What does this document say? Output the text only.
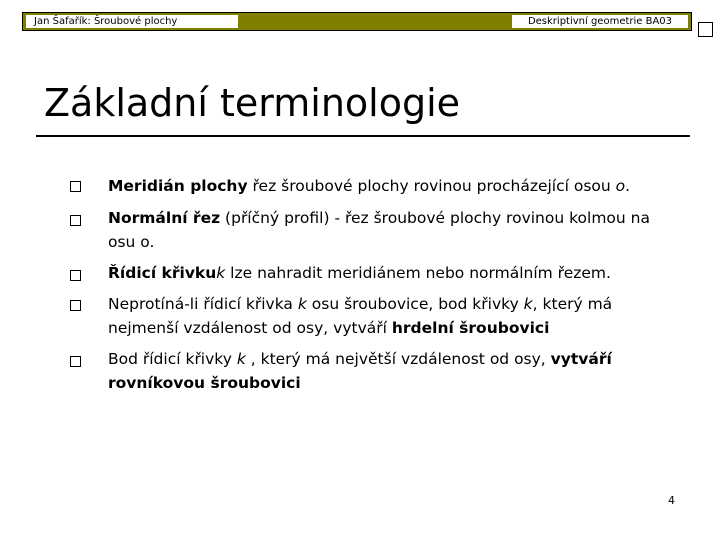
Jan Šafařík: Šroubové plochy	Deskriptivní geometrie BA03
Základní terminologie
Meridián plochy řez šroubové plochy rovinou procházející osou o.
Normální řez (příčný profil) - řez šroubové plochy rovinou kolmou na
osu o.
Řídicí křivkuk lze nahradit meridiánem nebo normálním řezem.
Neprotíná-li řídicí křivka k osu šroubovice, bod křivky k, který má
nejmenší vzdálenost od osy, vytváří hrdelní šroubovici
Bod řídicí křivky k , který má největší vzdálenost od osy, vytváří
rovníkovou šroubovici
4
